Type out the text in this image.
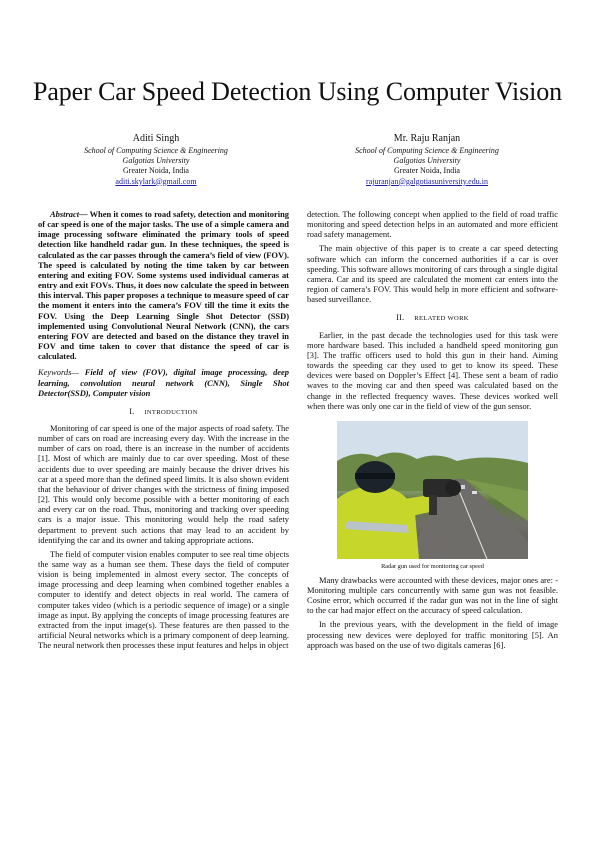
Paper Car Speed Detection Using Computer Vision
Aditi Singh
School of Computing Science & Engineering
Galgotias University
Greater Noida, India
aditi.skylark@gmail.com
Mr. Raju Ranjan
School of Computing Science & Engineering
Galgotias University
Greater Noida, India
rajuranjan@galgotiasuniversity.edu.in

Abstract— When it comes to road safety, detection and monitoring of car speed is one of the major tasks. The use of a simple camera and image processing software eliminated the primary tools of speed detection like handheld radar gun. In these techniques, the speed is calculated as the car passes through the camera’s field of view (FOV). The speed is calculated by noting the time taken by car between entering and exiting FOV. Some systems used individual cameras at entry and exit FOVs. Thus, it does now calculate the speed in between this interval. This paper proposes a technique to measure speed of car the moment it enters into the camera’s FOV till the time it exits the FOV. Using the Deep Learning Single Shot Detector (SSD) implemented using Convolutional Neural Network (CNN), the cars entering FOV are detected and based on the distance they travel in FOV and time taken to cover that distance the speed of car is calculated.

Keywords— Field of view (FOV), digital image processing, deep learning, convolution neural network (CNN), Single Shot Detector(SSD), Computer vision

I. INTRODUCTION

Monitoring of car speed is one of the major aspects of road safety. The number of cars on road are increasing every day. With the increase in the number of cars on road, there is an increase in the number of accidents [1]. Most of which are mainly due to car over speeding. Most of these accidents due to over speeding are mainly because the driver drives his car at a speed more than the defined speed limits. It is also shown evident that the behaviour of driver changes with the strictness of fining imposed [2]. This would only become possible with a better monitoring of each and every car on the road. Thus, monitoring and tracking over speeding cars is a major issue. This monitoring would help the road safety department to prevent such actions that may lead to an accident by identifying the car and its owner and taking appropriate actions.

The field of computer vision enables computer to see real time objects the same way as a human see them. These days the field of computer vision is being implemented in almost every sector. The concepts of image processing and deep learning when combined together enables a computer to identify and detect objects in real world. The camera of computer takes video (which is a periodic sequence of image) or a single image as input. By applying the concepts of image processing features are extracted from the input image(s). These features are then passed to the artificial Neural networks which is a primary component of deep learning. The neural network then processes these input features and helps in object

detection. The following concept when applied to the field of road traffic monitoring and speed detection helps in an automated and more efficient road safety management.

The main objective of this paper is to create a car speed detecting software which can inform the concerned authorities if a car is over speeding. This software allows monitoring of cars through a single digital camera. Car and its speed are calculated the moment car enters into the region of camera’s FOV. This would help in more efficient and software- based surveillance.

II. RELATED WORK

Earlier, in the past decade the technologies used for this task were more hardware based. This included a handheld speed monitoring gun [3]. The traffic officers used to hold this gun in their hand. Aiming towards the speeding car they used to get to know its speed. These devices were based on Doppler’s Effect [4]. These sent a beam of radio waves to the moving car and then speed was calculated based on the change in the reflected frequency waves. These devices worked well when there was only one car in the field of view of the gun sensor.

Radar gun used for monitoring car speed

Many drawbacks were accounted with these devices, major ones are: - Monitoring multiple cars concurrently with same gun was not feasible. Cosine error, which occurred if the radar gun was not in the line of sight to the car had major effect on the accuracy of speed calculation.

In the previous years, with the development in the field of image processing new devices were deployed for traffic monitoring [5]. An approach was based on the use of two digitals cameras [6].
